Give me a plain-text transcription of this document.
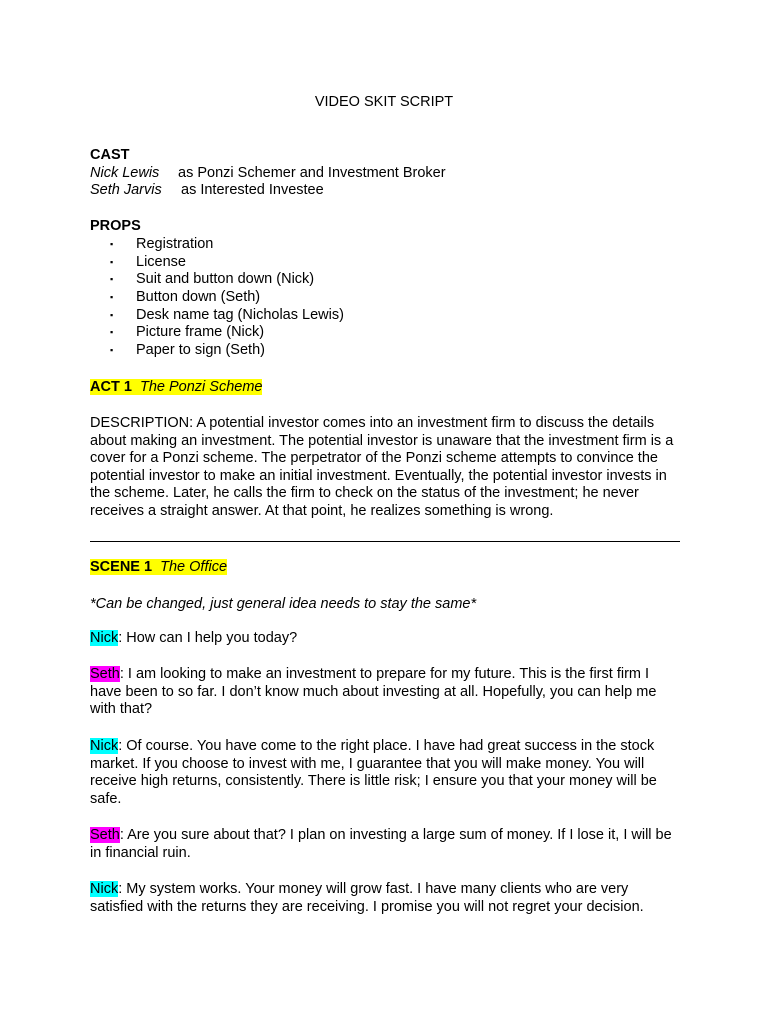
VIDEO SKIT SCRIPT
CAST
Nick Lewis as Ponzi Schemer and Investment Broker
Seth Jarvis as Interested Investee
PROPS
▪ Registration
▪ License
▪ Suit and button down (Nick)
▪ Button down (Seth)
▪ Desk name tag (Nicholas Lewis)
▪ Picture frame (Nick)
▪ Paper to sign (Seth)
ACT 1 The Ponzi Scheme

DESCRIPTION: A potential investor comes into an investment firm to discuss the details about making an investment. The potential investor is unaware that the investment firm is a cover for a Ponzi scheme. The perpetrator of the Ponzi scheme attempts to convince the potential investor to make an initial investment. Eventually, the potential investor invests in the scheme. Later, he calls the firm to check on the status of the investment; he never receives a straight answer. At that point, he realizes something is wrong.

SCENE 1 The Office
*Can be changed, just general idea needs to stay the same*

Nick: How can I help you today?

Seth: I am looking to make an investment to prepare for my future. This is the first firm I have been to so far. I don’t know much about investing at all. Hopefully, you can help me with that?

Nick: Of course. You have come to the right place. I have had great success in the stock market. If you choose to invest with me, I guarantee that you will make money. You will receive high returns, consistently. There is little risk; I ensure you that your money will be safe.

Seth: Are you sure about that? I plan on investing a large sum of money. If I lose it, I will be in financial ruin.

Nick: My system works. Your money will grow fast. I have many clients who are very satisfied with the returns they are receiving. I promise you will not regret your decision.
